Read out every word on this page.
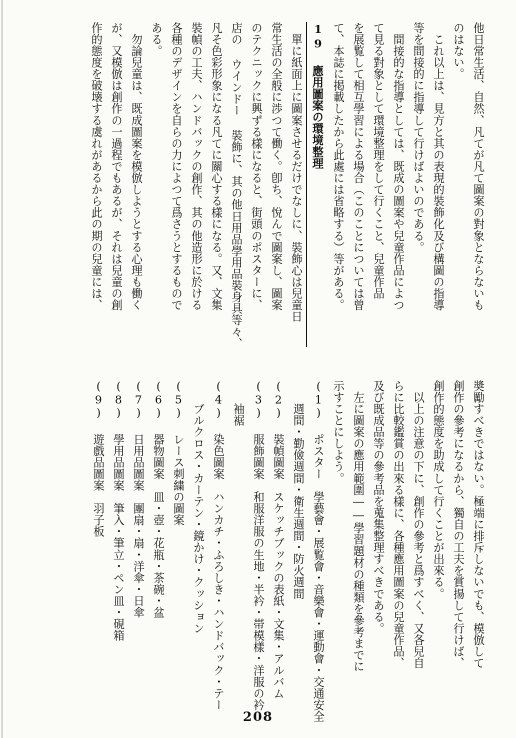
他日常生活、自然、凡てが凡て圖案の對象とならないも
のはない。
　これ以上は、見方と其の表現的裝飾化及び構圖の指導
等を間接的に指導して行けばよいのである。
　間接的な指導としては、既成の圖案や兒童作品によつ
て見る對象として環境整理をして行くこと、兒童作品
を展覧して相互學習による場合（このことについては曾
て、本誌に掲載したから此處には省略する）等がある。
19 應用圖案の環境整理
　單に紙面上に圖案させるだけでなしに、裝飾心は兒童日
常生活の全般に渉つて働く。卽ち、悅んで圖案し、圖案
のテクニックに興ずる樣になると、街頭のポスターに、
店の ウインドー 裝飾に、其の他日用品學用品裝身具等々、
凡そ色彩形象になる凡てに關心する樣になる。又、文集
裝幀の工夫、ハンドバックの創作、其の他造形に於ける
各種のデザインを自らの力によつて爲さうとするもので
ある。
　勿論兒童は、既成圖案を模倣しようとする心理も働く
が、又模倣は創作の一過程でもあるが、それは兒童の創
作的態度を破壊する虞れがあるから此の期の兒童には、
奬勵すべきではない。極端に排斥しないでも、模倣して
創作の參考になるから、獨自の工夫を賞揚して行けば、
創作的態度を助成して行くことが出來る。
　以上の注意の下に、創作の參考と爲すべく、又各兒自
らに比較鑑賞の出來る樣に、各種應用圖案の兒童作品、
及び既成品等の參考品を蒐集整理すべきである。
　左に圖案の應用範圍――學習題材の種類を參考までに
示すことにしよう。
(1) ポスター　學藝會・展覧會・音樂會・運動會・交通安全
　　週間・勤儉週間・衛生週間・防火週間
(2) 裝幀圖案　スケッチブックの表紙・文集・アルバム
(3) 服飾圖案　和服洋服の生地・半衿・帯模樣・洋服の衿
　　袖裾
(4) 染色圖案　ハンカチ・ふろしき・ハンドバック・テー
　　ブルクロス・カーテン・鏡かけ・クッション
(5) レース刺繍の圖案
(6) 器物圖案　皿・壺・花瓶・茶碗・盆
(7) 日用品圖案　團扇・扇・洋傘・日傘
(8) 學用品圖案　筆入・筆立・ペン皿・硯箱
(9) 遊戲品圖案　羽子板
208
